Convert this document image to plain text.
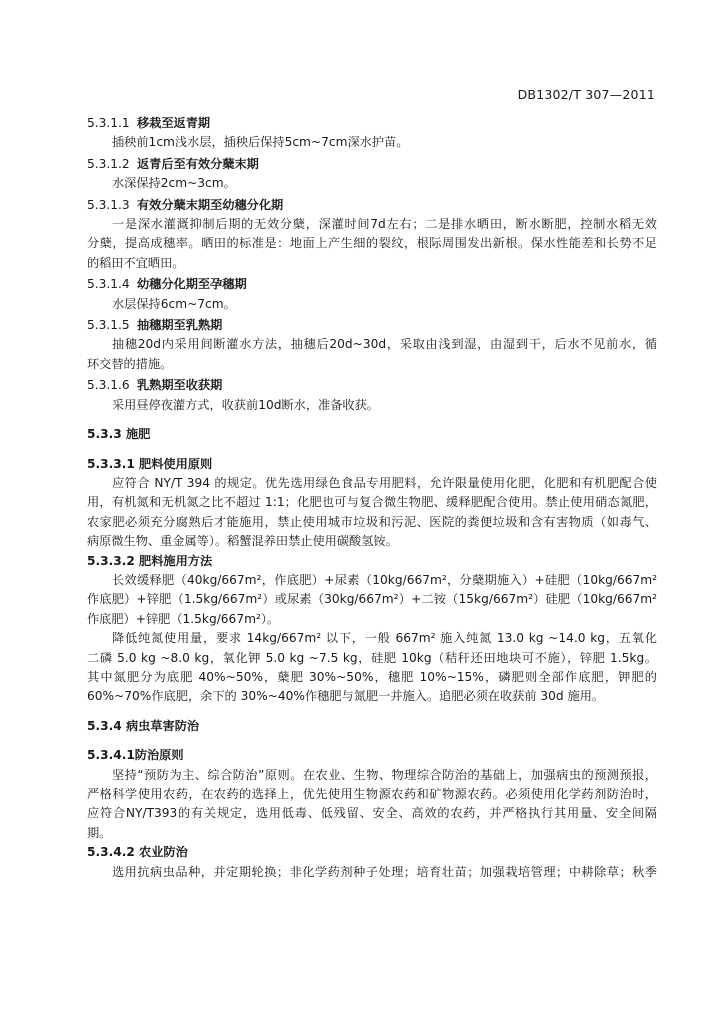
DB1302/T 307—2011
5.3.1.1 移栽至返青期
插秧前1cm浅水层，插秧后保持5cm~7cm深水护苗。
5.3.1.2 返青后至有效分蘖末期
水深保持2cm~3cm。
5.3.1.3 有效分蘖末期至幼穗分化期
一是深水灌溉抑制后期的无效分蘖，深灌时间7d左右；二是排水晒田，断水断肥，控制水稻无效
分蘖，提高成穗率。晒田的标准是：地面上产生细的裂纹，根际周围发出新根。保水性能差和长势不足
的稻田不宜晒田。
5.3.1.4 幼穗分化期至孕穗期
水层保持6cm~7cm。
5.3.1.5 抽穗期至乳熟期
抽穗20d内采用间断灌水方法，抽穗后20d~30d，采取由浅到湿，由湿到干，后水不见前水，循
环交替的措施。
5.3.1.6 乳熟期至收获期
采用昼停夜灌方式，收获前10d断水，准备收获。
5.3.3 施肥
5.3.3.1 肥料使用原则
应符合 NY/T 394 的规定。优先选用绿色食品专用肥料，允许限量使用化肥，化肥和有机肥配合使
用，有机氮和无机氮之比不超过 1:1；化肥也可与复合微生物肥、缓释肥配合使用。禁止使用硝态氮肥，
农家肥必须充分腐熟后才能施用，禁止使用城市垃圾和污泥、医院的粪便垃圾和含有害物质（如毒气、
病原微生物、重金属等）。稻蟹混养田禁止使用碳酸氢铵。
5.3.3.2 肥料施用方法
长效缓释肥（40kg/667m²，作底肥）+尿素（10kg/667m²，分蘖期施入）+硅肥（10kg/667m²
作底肥）+锌肥（1.5kg/667m²）或尿素（30kg/667m²）+二铵（15kg/667m²）硅肥（10kg/667m²
作底肥）+锌肥（1.5kg/667m²）。
降低纯氮使用量，要求 14kg/667m² 以下，一般 667m² 施入纯氮 13.0 kg ~14.0 kg，五氧化
二磷 5.0 kg ~8.0 kg，氧化钾 5.0 kg ~7.5 kg，硅肥 10kg（秸秆还田地块可不施），锌肥 1.5kg。
其中氮肥分为底肥 40%~50%，蘖肥 30%~50%，穗肥 10%~15%，磷肥则全部作底肥，钾肥的
60%~70%作底肥，余下的 30%~40%作穗肥与氮肥一并施入。追肥必须在收获前 30d 施用。
5.3.4 病虫草害防治
5.3.4.1防治原则
坚持“预防为主、综合防治”原则。在农业、生物、物理综合防治的基础上，加强病虫的预测预报，
严格科学使用农药，在农药的选择上，优先使用生物源农药和矿物源农药。必须使用化学药剂防治时，
应符合NY/T393的有关规定，选用低毒、低残留、安全、高效的农药，并严格执行其用量、安全间隔
期。
5.3.4.2 农业防治
选用抗病虫品种，并定期轮换；非化学药剂种子处理；培育壮苗；加强栽培管理；中耕除草；秋季
